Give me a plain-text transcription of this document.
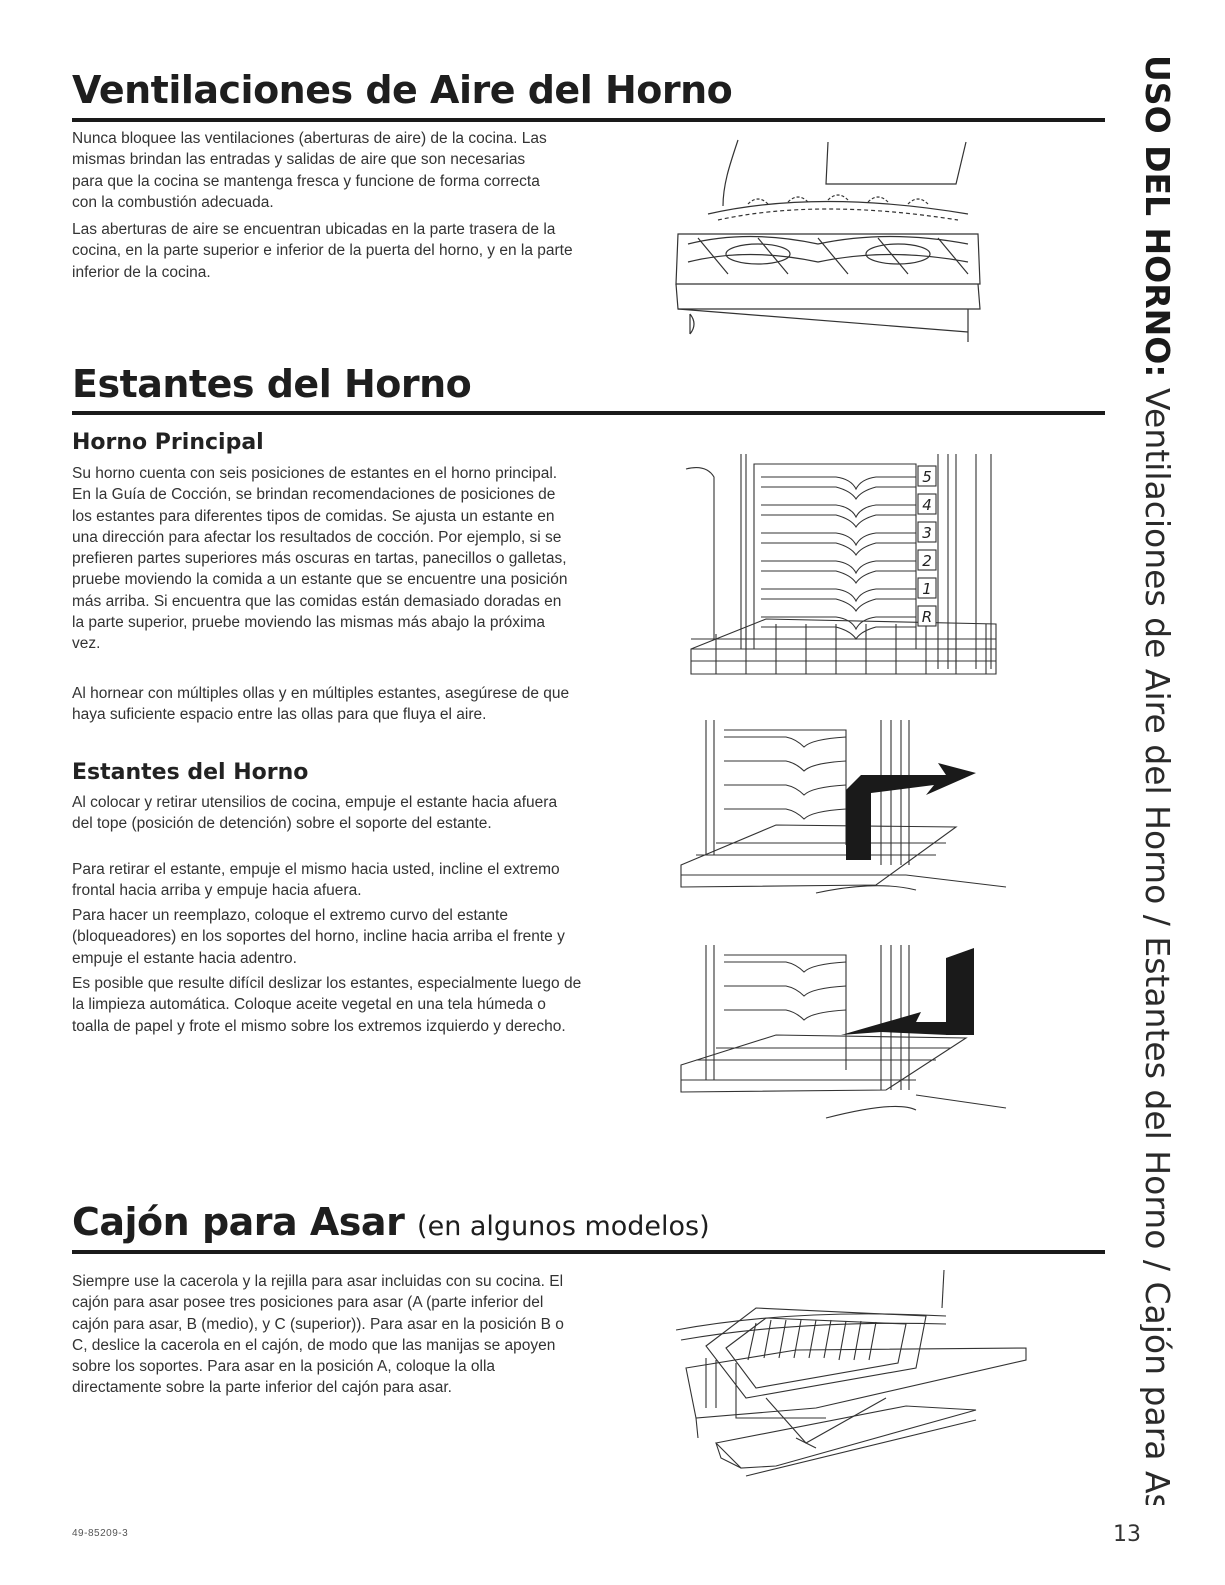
Ventilaciones de Aire del Horno

Nunca bloquee las ventilaciones (aberturas de aire) de la cocina. Las mismas brindan las entradas y salidas de aire que son necesarias para que la cocina se mantenga fresca y funcione de forma correcta con la combustión adecuada.

Las aberturas de aire se encuentran ubicadas en la parte trasera de la cocina, en la parte superior e inferior de la puerta del horno, y en la parte inferior de la cocina.

Estantes del Horno
Horno Principal

Su horno cuenta con seis posiciones de estantes en el horno principal. En la Guía de Cocción, se brindan recomendaciones de posiciones de los estantes para diferentes tipos de comidas. Se ajusta un estante en una dirección para afectar los resultados de cocción. Por ejemplo, si se prefieren partes superiores más oscuras en tartas, panecillos o galletas, pruebe moviendo la comida a un estante que se encuentre una posición más arriba. Si encuentra que las comidas están demasiado doradas en la parte superior, pruebe moviendo las mismas más abajo la próxima vez.

Al hornear con múltiples ollas y en múltiples estantes, asegúrese de que haya suficiente espacio entre las ollas para que fluya el aire.

Estantes del Horno

Al colocar y retirar utensilios de cocina, empuje el estante hacia afuera del tope (posición de detención) sobre el soporte del estante.

Para retirar el estante, empuje el mismo hacia usted, incline el extremo frontal hacia arriba y empuje hacia afuera.

Para hacer un reemplazo, coloque el extremo curvo del estante (bloqueadores) en los soportes del horno, incline hacia arriba el frente y empuje el estante hacia adentro.

Es posible que resulte difícil deslizar los estantes, especialmente luego de la limpieza automática. Coloque aceite vegetal en una tela húmeda o toalla de papel y frote el mismo sobre los extremos izquierdo y derecho.

5
4
3
2
1
R
Cajón para Asar (en algunos modelos)

Siempre use la cacerola y la rejilla para asar incluidas con su cocina. El cajón para asar posee tres posiciones para asar (A (parte inferior del cajón para asar, B (medio), y C (superior)). Para asar en la posición B o C, deslice la cacerola en el cajón, de modo que las manijas se apoyen sobre los soportes. Para asar en la posición A, coloque la olla directamente sobre la parte inferior del cajón para asar.

USO DEL HORNO: Ventilaciones de Aire del Horno / Estantes del Horno / Cajón para Asar
49-85209-3	13
